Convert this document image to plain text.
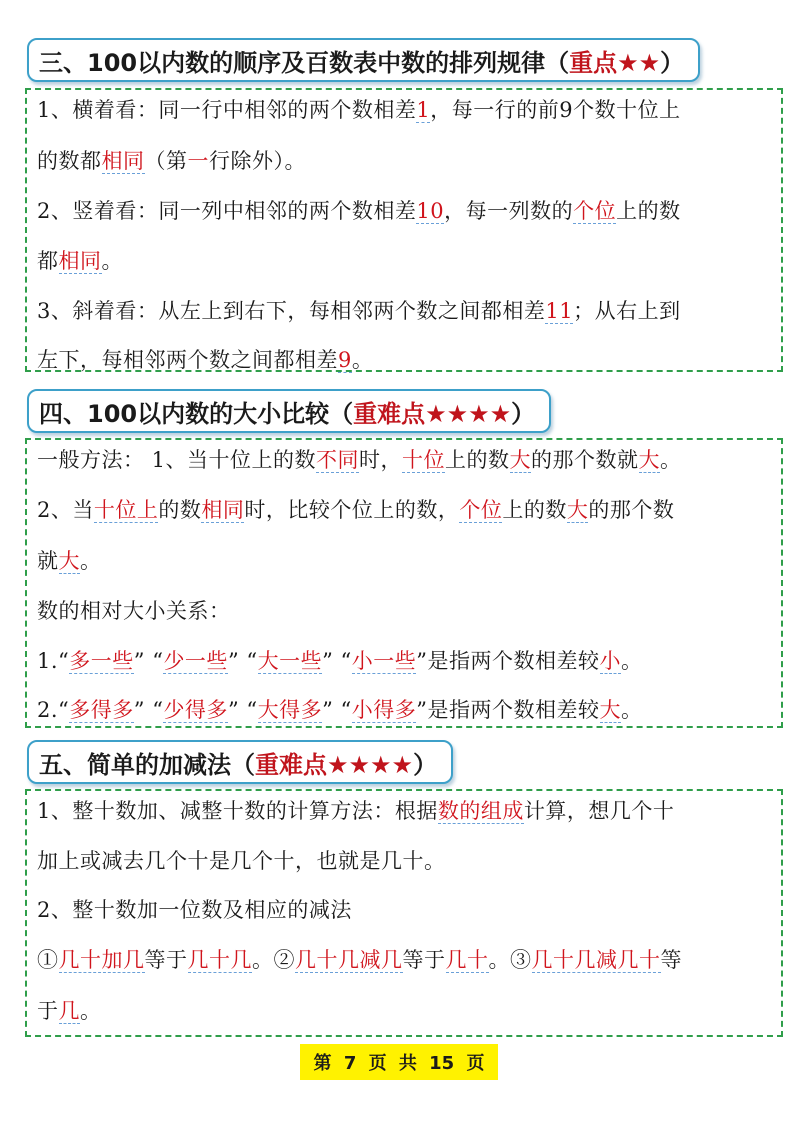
三、100以内数的顺序及百数表中数的排列规律（ 重点★★ ）
1、横着看：同一行中相邻的两个数相差1，每一行的前9个数十位上
的数都相同（第一行除外）。
2、竖着看：同一列中相邻的两个数相差10，每一列数的个位上的数
都相同。
3、斜着看：从左上到右下，每相邻两个数之间都相差11；从右上到
左下，每相邻两个数之间都相差9。
四、100以内数的大小比较（ 重难点★★★★ ）
一般方法： 1、当十位上的数不同时，十位上的数大的那个数就大。
2、当十位上的数相同时，比较个位上的数，个位上的数大的那个数
就大。
数的相对大小关系：
1.“多一些” “少一些” “大一些” “小一些”是指两个数相差较小。
2.“多得多” “少得多” “大得多” “小得多”是指两个数相差较大。
五、简单的加减法（ 重难点★★★★ ）
1、整十数加、减整十数的计算方法：根据数的组成计算，想几个十
加上或减去几个十是几个十，也就是几十。
2、整十数加一位数及相应的减法
①几十加几等于几十几。②几十几减几等于几十。③几十几减几十等
于几。
第 7 页 共 15 页
